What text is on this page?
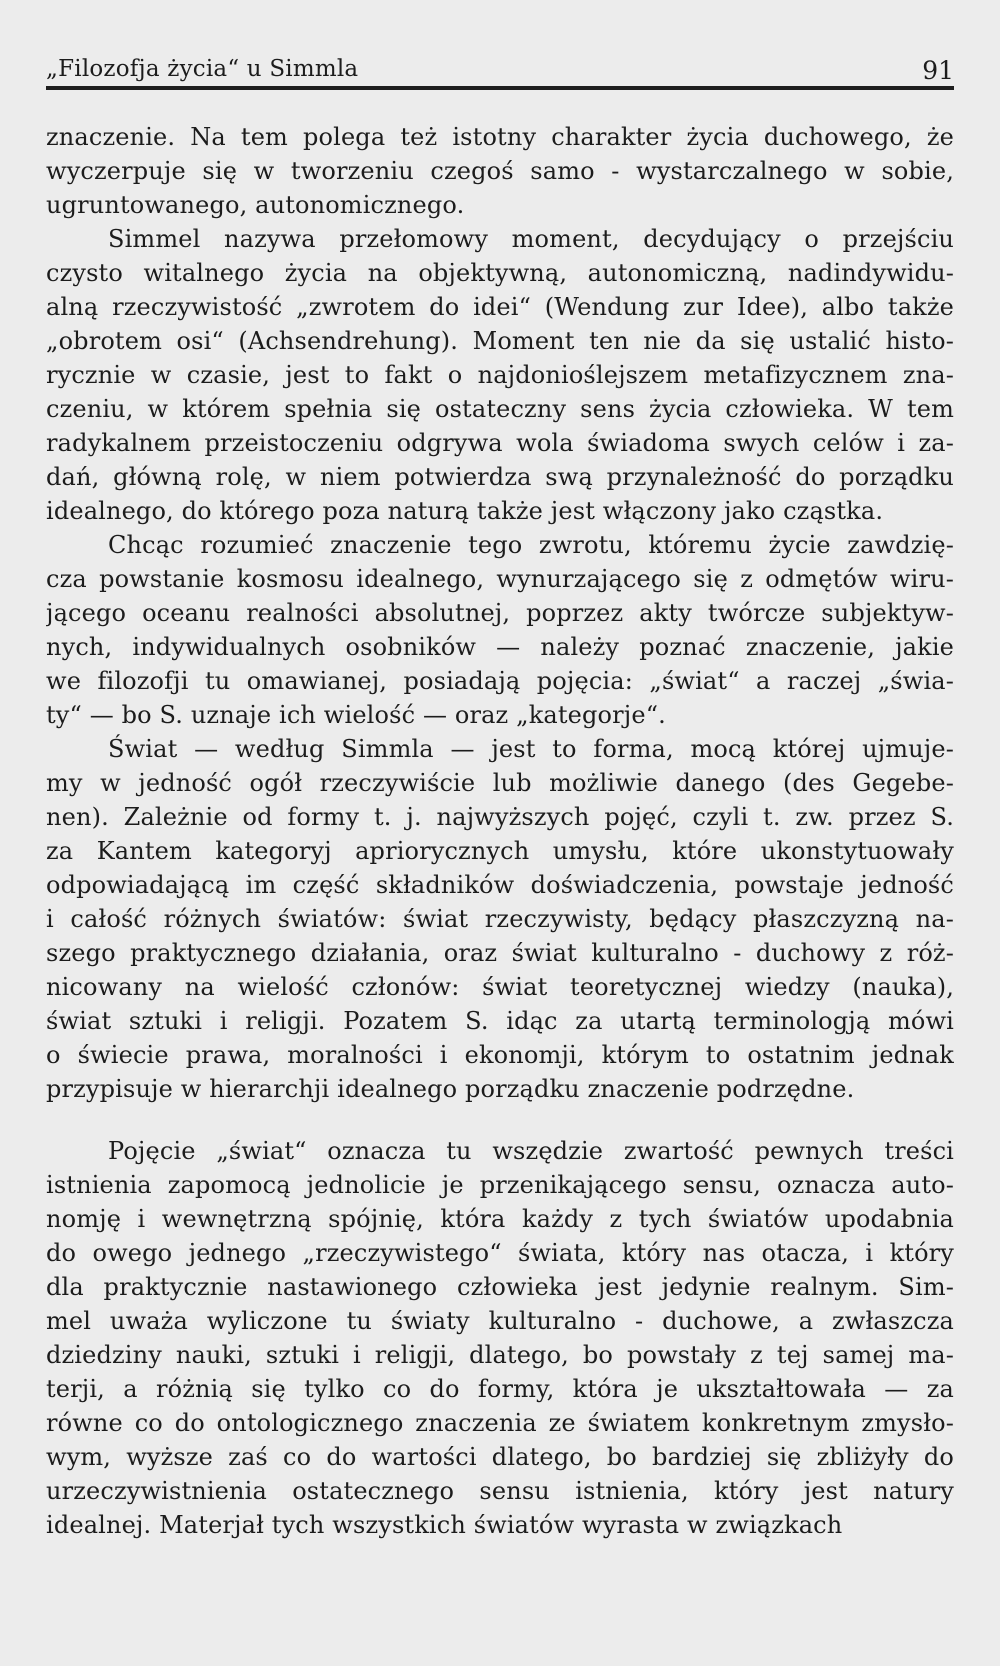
„Filozofja życia“ u Simmla	91
znaczenie. Na tem polega też istotny charakter życia duchowego, że
wyczerpuje się w tworzeniu czegoś samo - wystarczalnego w sobie,
ugruntowanego, autonomicznego.
Simmel nazywa przełomowy moment, decydujący o przejściu
czysto witalnego życia na objektywną, autonomiczną, nadindywidu-
alną rzeczywistość „zwrotem do idei“ (Wendung zur Idee), albo także
„obrotem osi“ (Achsendrehung). Moment ten nie da się ustalić histo-
rycznie w czasie, jest to fakt o najdonioślejszem metafizycznem zna-
czeniu, w którem spełnia się ostateczny sens życia człowieka. W tem
radykalnem przeistoczeniu odgrywa wola świadoma swych celów i za-
dań, główną rolę, w niem potwierdza swą przynależność do porządku
idealnego, do którego poza naturą także jest włączony jako cząstka.
Chcąc rozumieć znaczenie tego zwrotu, któremu życie zawdzię-
cza powstanie kosmosu idealnego, wynurzającego się z odmętów wiru-
jącego oceanu realności absolutnej, poprzez akty twórcze subjektyw-
nych, indywidualnych osobników — należy poznać znaczenie, jakie
we filozofji tu omawianej, posiadają pojęcia: „świat“ a raczej „świa-
ty“ — bo S. uznaje ich wielość — oraz „kategorje“.
Świat — według Simmla — jest to forma, mocą której ujmuje-
my w jedność ogół rzeczywiście lub możliwie danego (des Gegebe-
nen). Zależnie od formy t. j. najwyższych pojęć, czyli t. zw. przez S.
za Kantem kategoryj apriorycznych umysłu, które ukonstytuowały
odpowiadającą im część składników doświadczenia, powstaje jedność
i całość różnych światów: świat rzeczywisty, będący płaszczyzną na-
szego praktycznego działania, oraz świat kulturalno - duchowy z róż-
nicowany na wielość członów: świat teoretycznej wiedzy (nauka),
świat sztuki i religji. Pozatem S. idąc za utartą terminologją mówi
o świecie prawa, moralności i ekonomji, którym to ostatnim jednak
przypisuje w hierarchji idealnego porządku znaczenie podrzędne.
Pojęcie „świat“ oznacza tu wszędzie zwartość pewnych treści
istnienia zapomocą jednolicie je przenikającego sensu, oznacza auto-
nomję i wewnętrzną spójnię, która każdy z tych światów upodabnia
do owego jednego „rzeczywistego“ świata, który nas otacza, i który
dla praktycznie nastawionego człowieka jest jedynie realnym. Sim-
mel uważa wyliczone tu światy kulturalno - duchowe, a zwłaszcza
dziedziny nauki, sztuki i religji, dlatego, bo powstały z tej samej ma-
terji, a różnią się tylko co do formy, która je ukształtowała — za
równe co do ontologicznego znaczenia ze światem konkretnym zmysło-
wym, wyższe zaś co do wartości dlatego, bo bardziej się zbliżyły do
urzeczywistnienia ostatecznego sensu istnienia, który jest natury
idealnej. Materjał tych wszystkich światów wyrasta w związkach
